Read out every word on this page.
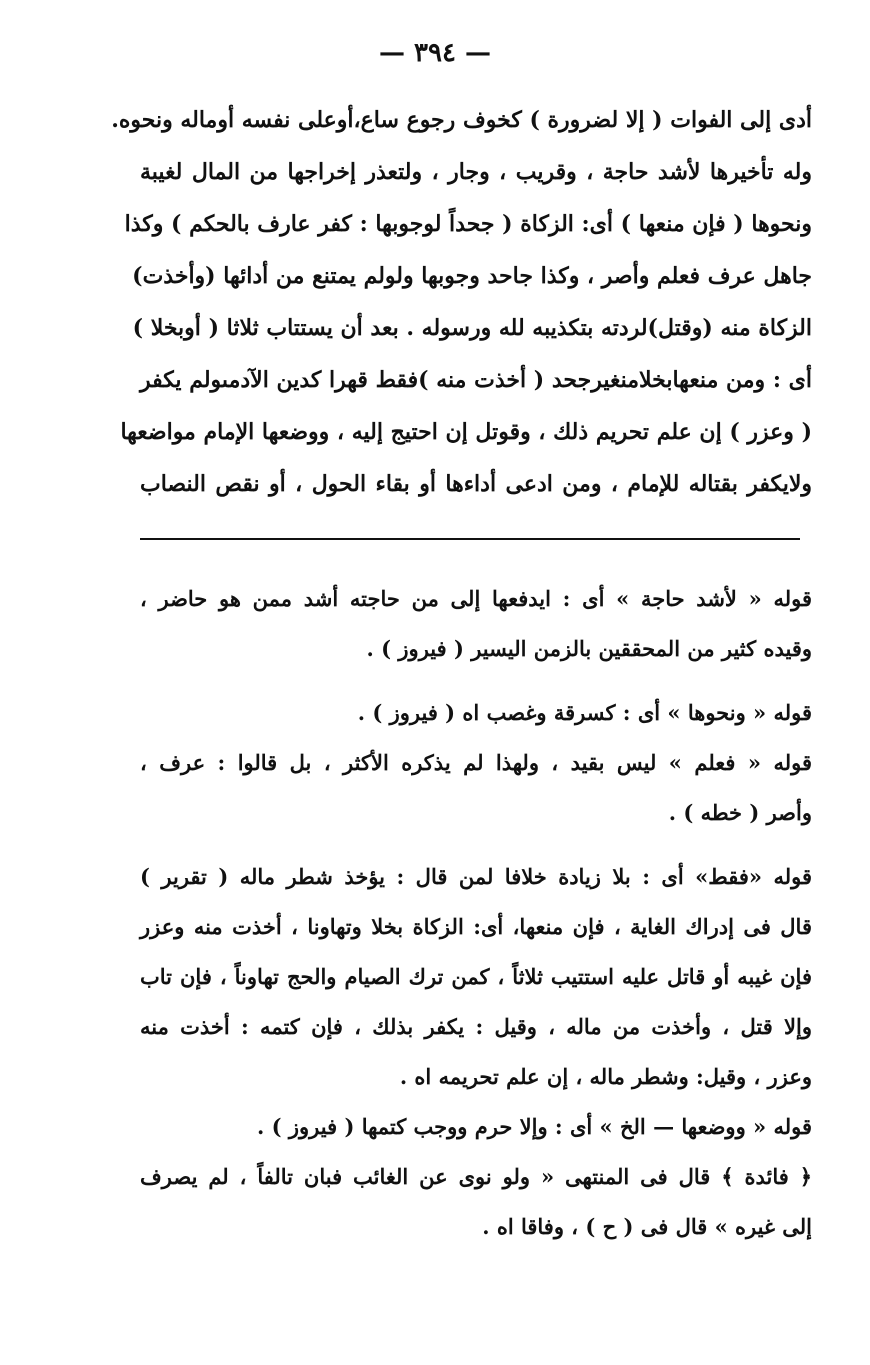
— ٣٩٤ —
أدى إلى الفوات ( إلا لضرورة ) كخوف رجوع ساع،أوعلى نفسه أوماله ونحوه.
وله تأخيرها لأشد حاجة ، وقريب ، وجار ، ولتعذر إخراجها من المال لغيبة
ونحوها ( فإن منعها ) أى: الزكاة ( جحداً لوجوبها : كفر عارف بالحكم ) وكذا
جاهل عرف فعلم وأصر ، وكذا جاحد وجوبها ولولم يمتنع من أدائها (وأخذت)
الزكاة منه (وقتل)لردته بتكذيبه لله ورسوله . بعد أن يستتاب ثلاثا ( أوبخلا )
أى : ومن منعهابخلامنغيرجحد ( أخذت منه )فقط قهرا كدين الآدمىولم يكفر
( وعزر ) إن علم تحريم ذلك ، وقوتل إن احتيج إليه ، ووضعها الإمام مواضعها
ولايكفر بقتاله للإمام ، ومن ادعى أداءها أو بقاء الحول ، أو نقص النصاب
قوله « لأشد حاجة » أى : ايدفعها إلى من حاجته أشد ممن هو حاضر ،
وقيده كثير من المحققين بالزمن اليسير ( فيروز ) .
قوله « ونحوها » أى : كسرقة وغصب اه ( فيروز ) .
قوله « فعلم » ليس بقيد ، ولهذا لم يذكره الأكثر ، بل قالوا : عرف ،
وأصر ( خطه ) .
قوله «فقط» أى : بلا زيادة خلافا لمن قال : يؤخذ شطر ماله ( تقرير )
قال فى إدراك الغاية ، فإن منعها، أى: الزكاة بخلا وتهاونا ، أخذت منه وعزر
فإن غيبه أو قاتل عليه استتيب ثلاثاً ، كمن ترك الصيام والحج تهاوناً ، فإن تاب
وإلا قتل ، وأخذت من ماله ، وقيل : يكفر بذلك ، فإن كتمه : أخذت منه
وعزر ، وقيل: وشطر ماله ، إن علم تحريمه اه .
قوله « ووضعها — الخ » أى : وإلا حرم ووجب كتمها ( فيروز ) .
﴿ فائدة ﴾ قال فى المنتهى « ولو نوى عن الغائب فبان تالفاً ، لم يصرف
إلى غيره » قال فى ( ح ) ، وفاقا اه .
